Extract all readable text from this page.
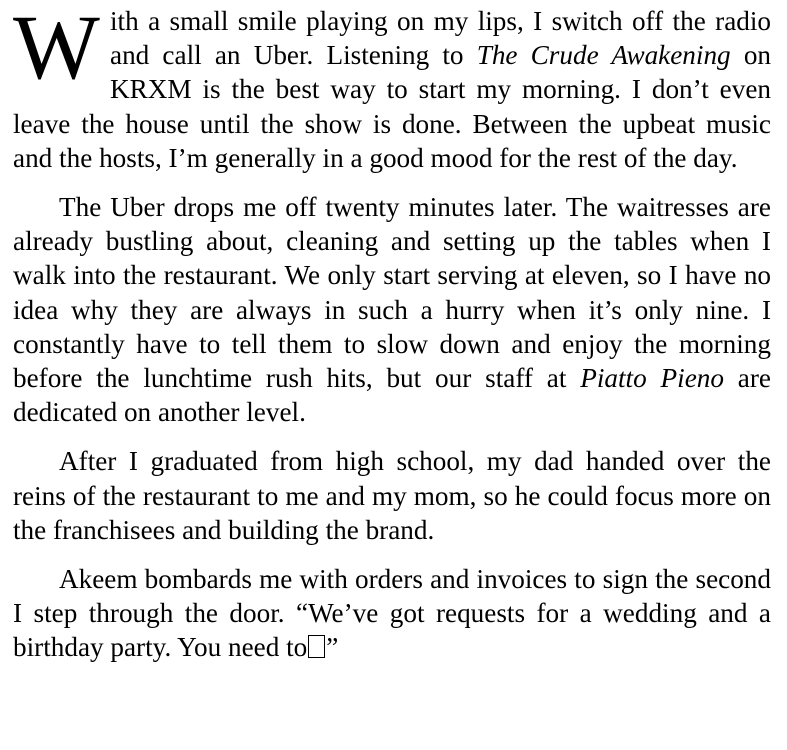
With a small smile playing on my lips, I switch off the radio and call an Uber. Listening to The Crude Awakening on KRXM is the best way to start my morning. I don’t even leave the house until the show is done. Between the upbeat music and the hosts, I’m generally in a good mood for the rest of the day.

The Uber drops me off twenty minutes later. The waitresses are already bustling about, cleaning and setting up the tables when I walk into the restaurant. We only start serving at eleven, so I have no idea why they are always in such a hurry when it’s only nine. I constantly have to tell them to slow down and enjoy the morning before the lunchtime rush hits, but our staff at Piatto Pieno are dedicated on another level.

After I graduated from high school, my dad handed over the reins of the restaurant to me and my mom, so he could focus more on the franchisees and building the brand.

Akeem bombards me with orders and invoices to sign the second I step through the door. “We’ve got requests for a wedding and a birthday party. You need to ”
